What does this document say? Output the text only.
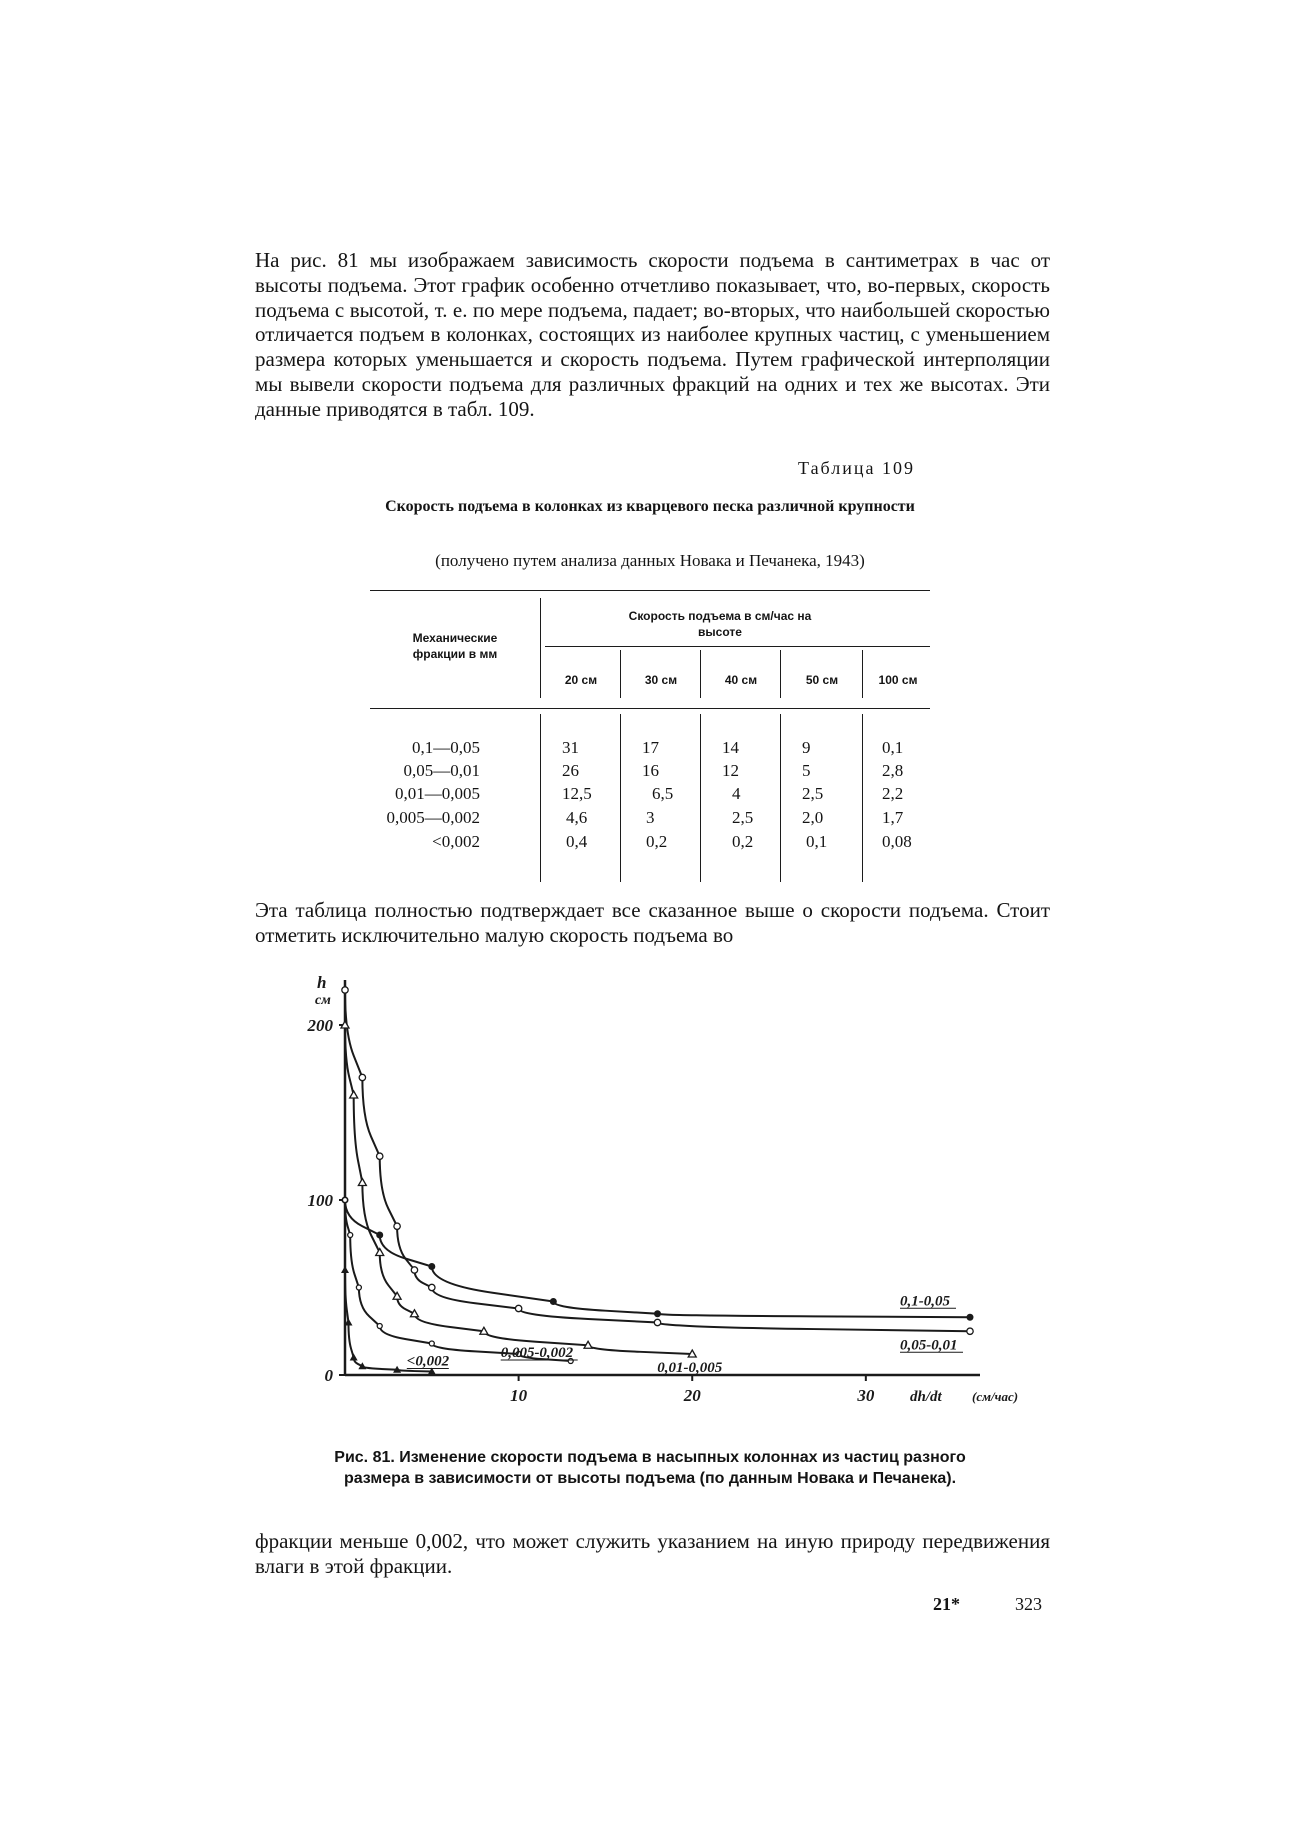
На рис. 81 мы изображаем зависимость скорости подъема в сантиметрах в час от высоты подъема. Этот график особенно отчетливо показывает, что, во-первых, скорость подъема с высотой, т. е. по мере подъема, падает; во-вторых, что наибольшей скоростью отличается подъем в колонках, состоящих из наиболее крупных частиц, с уменьшением размера которых уменьшается и скорость подъема. Путем графической интерполяции мы вывели скорости подъема для различных фракций на одних и тех же высотах. Эти данные приводятся в табл. 109.
Таблица 109
Скорость подъема в колонках из кварцевого песка различной крупности
(получено путем анализа данных Новака и Печанека, 1943)
Механические фракции в мм
Скорость подъема в см/час на высоте
20 см	30 см	40 см	50 см	100 см
0,1—0,05	31	17	14	9	0,1
0,05—0,01	26	16	12	5	2,8
0,01—0,005	12,5	6,5	4	2,5	2,2
0,005—0,002	4,6	3	2,5	2,0	1,7
<0,002	0,4	0,2	0,2	0,1	0,08
Эта таблица полностью подтверждает все сказанное выше о скорости подъема. Стоит отметить исключительно малую скорость подъема во
0
100
200
h
см
10	20	30 dh/dt (см/час)
0,1-0,05
0,05-0,01
0,01-0,005
0,005-0,002
<0,002
Рис. 81. Изменение скорости подъема в насыпных колоннах из частиц разного размера в зависимости от высоты подъема (по данным Новака и Печанека).
фракции меньше 0,002, что может служить указанием на иную природу передвижения влаги в этой фракции.
21*	323
